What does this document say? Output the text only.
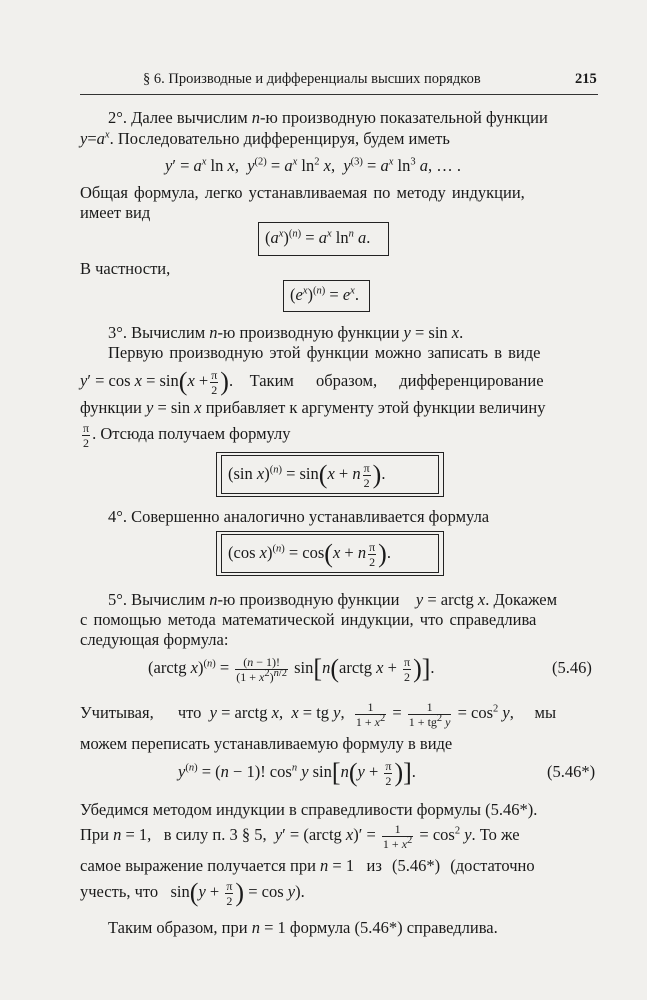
§ 6. Производные и дифференциалы высших порядков	215
2°. Далее вычислим n-ю производную показательной функции
$y=a^x$. Последовательно дифференцируя, будем иметь
$y' = a^x$ ln x,  $y^{(2)} = a^x$ $\ln^2 x$,  $y^{(3)} = a^x$ $\ln^3 a$, … .
Общая формула, легко устанавливаемая по методу индукции,
имеет вид
$(a^x)^{(n)} = a^x$ $\ln^n a$.
В частности,
$(e^x)^{(n)} = e^x$.
3°. Вычислим n-ю производную функции y = sin x.
Первую производную этой функции можно записать в виде
$y' = \cos x = \sin(x + \frac{\pi}{2}$ ).    Таким образом, дифференцирование
функции y = sin x прибавляет к аргументу этой функции величину
$\frac{\pi}{2}$ . Отсюда получаем формулу
(sin x)$^{(n)}$ = sin(x + n $\frac{\pi}{2}$ ).
4°. Совершенно аналогично устанавливается формула
(cos x)$^{(n)}$ = cos(x + n $\frac{\pi}{2}$ ).
5°. Вычислим n-ю производную функции y = arctg x. Докажем
с помощью метода математической индукции, что справедлива
следующая формула:
(arctg $x)^{(n)} = \frac{(n - 1)!}{(1 + x^2)^{n/2}}$ sin[n(arctg $x + \frac{\pi}{2}$ )].	(5.46)
Учитывая, что y = arctg x,  x = tg y, $\frac{1}{1 + x^2} = \frac{1}{1 + tg^2 y} = \cos^2 y$,     мы
можем переписать устанавливаемую формулу в виде
$y^{(n)} = (n - 1)$! $\cos^n y$ $\sin[n(y + \frac{\pi}{2}$ )].	(5.46*)
Убедимся методом индукции в справедливости формулы (5.46*).
При n = 1,   в силу п. 3 § 5, y′ = (arctg $x)' = \frac{1}{1 + x^2} = \cos^2 y$. То же
самое выражение получается при n = 1   из (5.46*) (достаточно
учесть, что   $\sin(y + \frac{\pi}{2}$ ) = cos y).
Таким образом, при n = 1 формула (5.46*) справедлива.
